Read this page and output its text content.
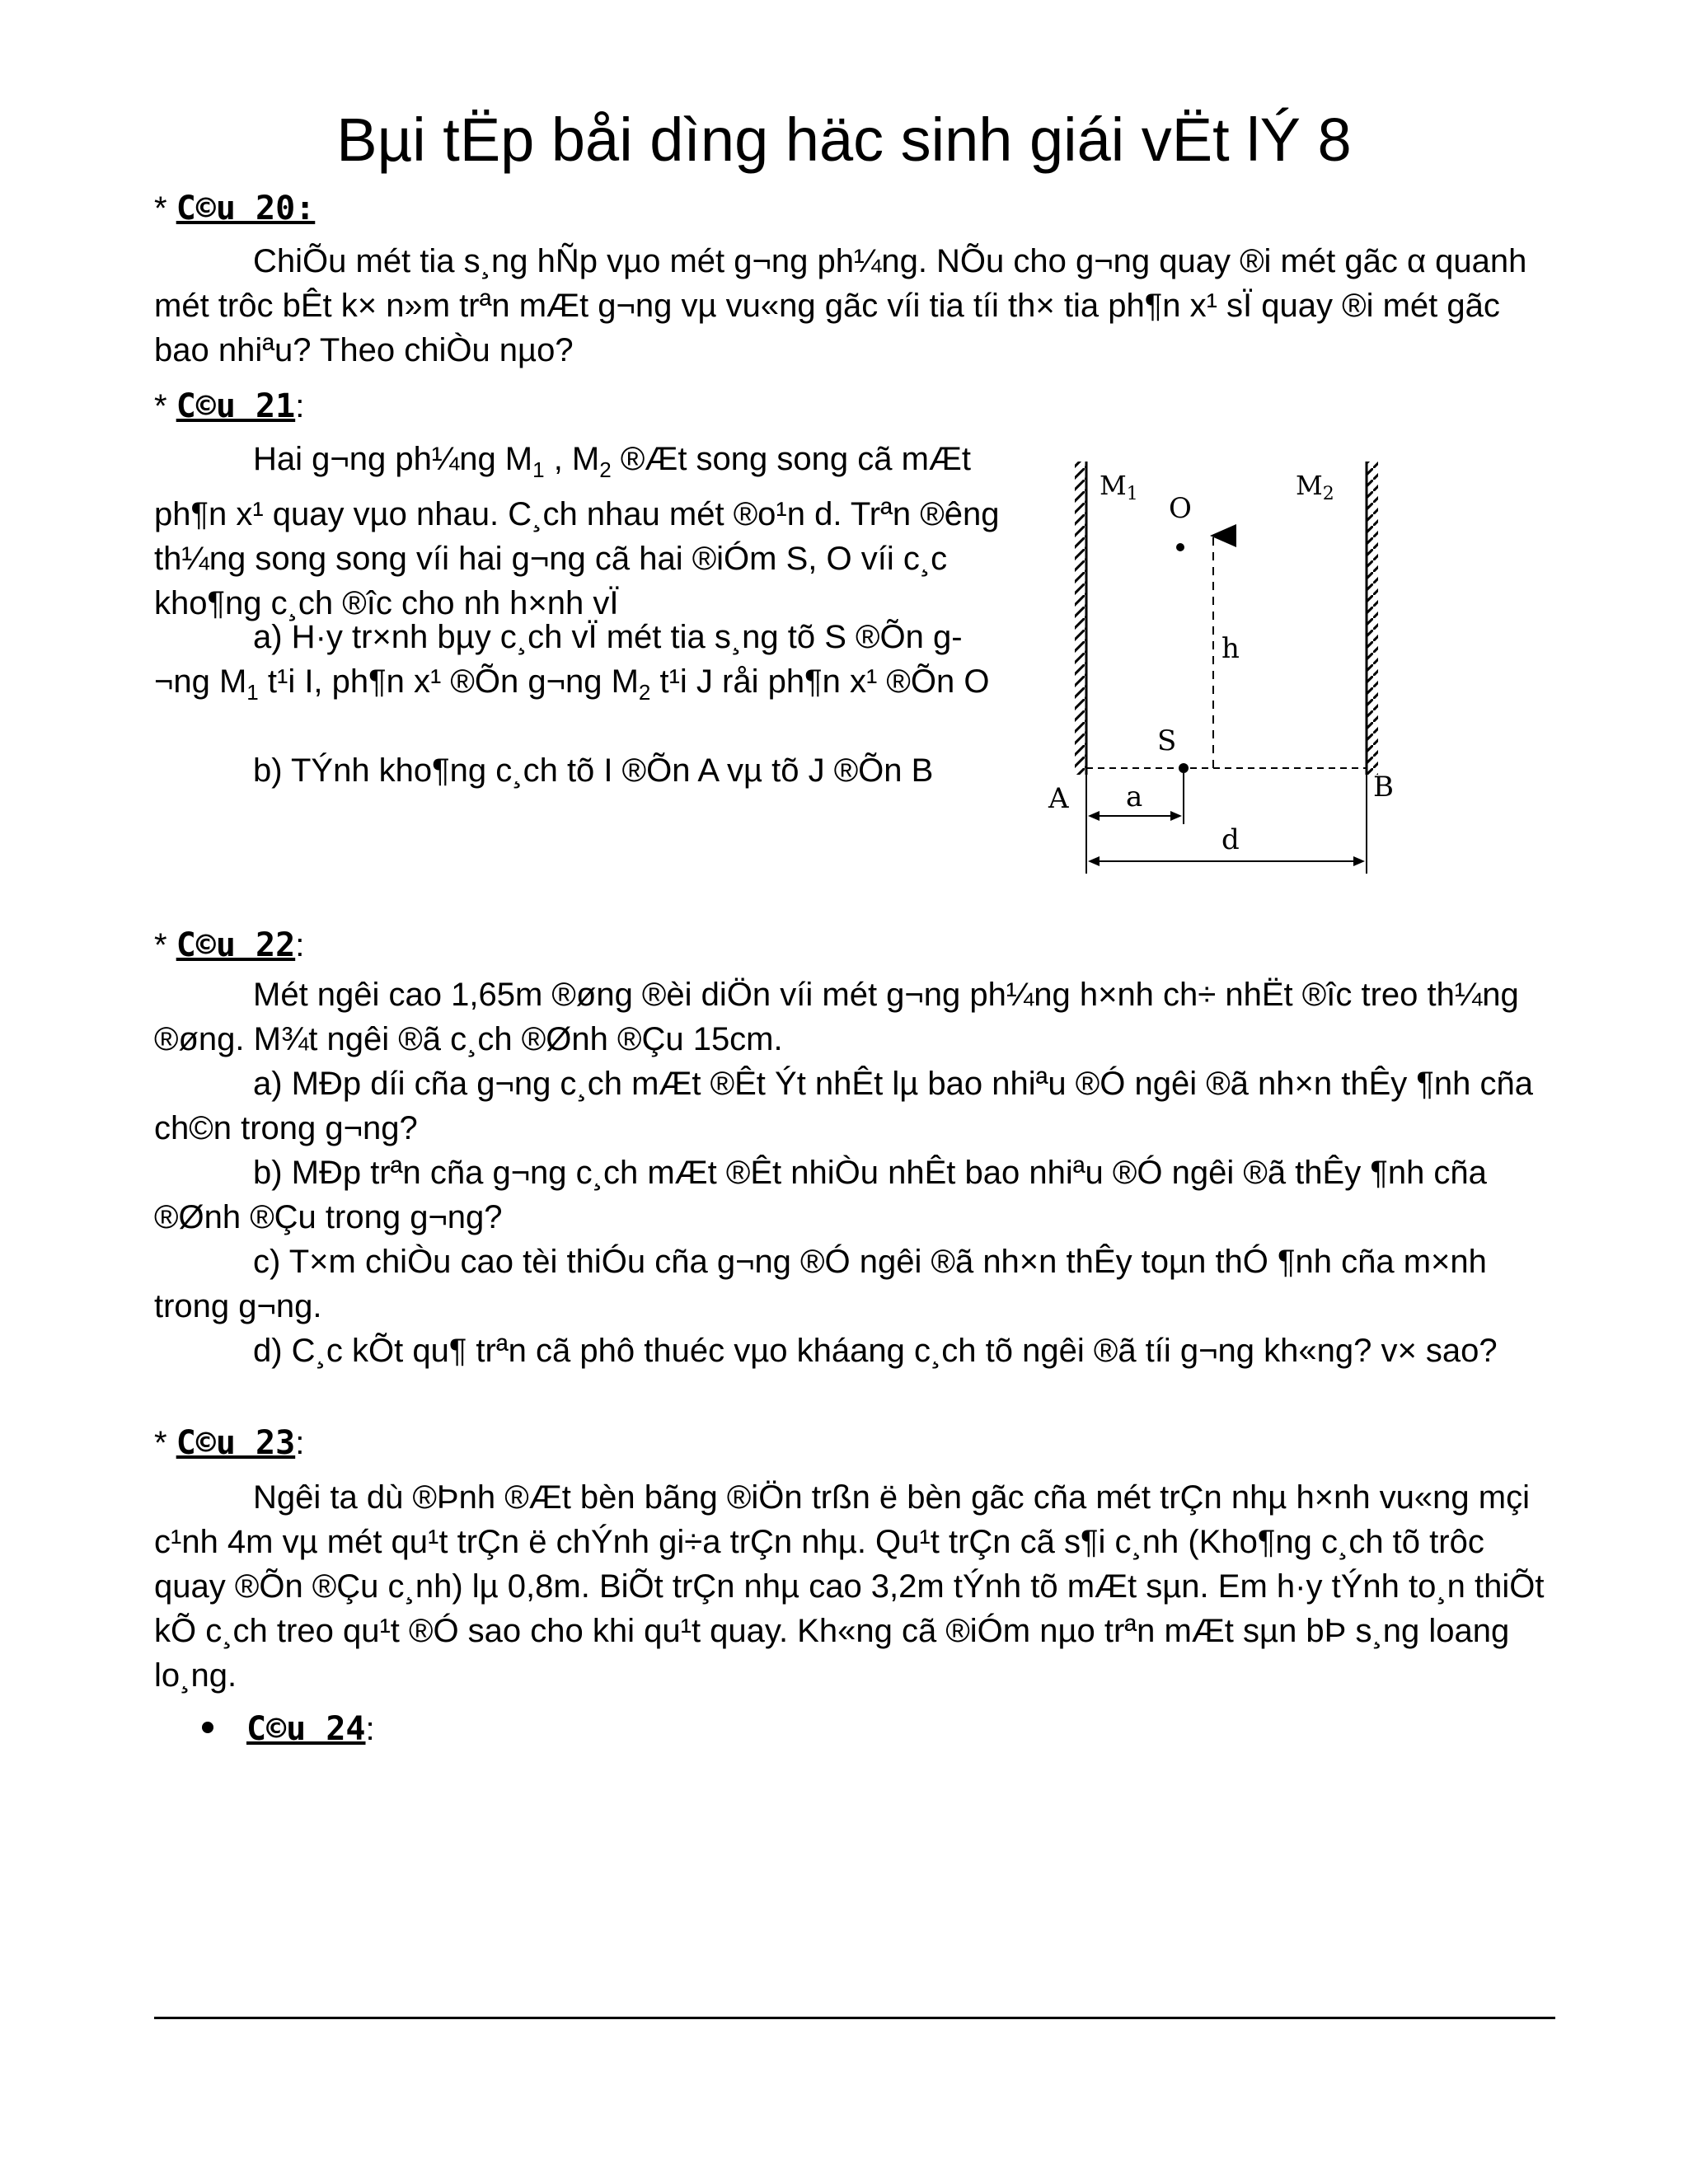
Bµi tËp båi dìng häc sinh giái vËt lÝ 8
* C©u 20:

ChiÕu mét tia s¸ng hÑp vµo mét g¬ng ph¼ng. NÕu cho g¬ng quay ®i mét gãc α quanh mét trôc bÊt k× n»m trªn mÆt g¬ng vµ vu«ng gãc víi tia tíi th× tia ph¶n x¹ sÏ quay ®i mét gãc bao nhiªu? Theo chiÒu nµo?

* C©u 21:

Hai g¬ng ph¼ng $M_1$ , $M_2$ ®Æt song song cã mÆt ph¶n x¹ quay vµo nhau. C¸ch nhau mét ®o¹n d. Trªn ®êng th¼ng song song víi hai g¬ng cã hai ®iÓm S, O víi c¸c kho¶ng c¸ch ®îc cho nh h×nh vÏ

a) H·y tr×nh bµy c¸ch vÏ mét tia s¸ng tõ S ®Õn g¬ng $M_1$ t¹i I, ph¶n x¹ ®Õn g¬ng $M_2$ t¹i J råi ph¶n x¹ ®Õn O

b) TÝnh kho¶ng c¸ch tõ I ®Õn A vµ tõ J ®Õn B

M1	M2
O
h
S
A	B
a
d
* C©u 22:

Mét ngêi cao 1,65m ®øng ®èi diÖn víi mét g¬ng ph¼ng h×nh ch÷ nhËt ®îc treo th¼ng ®øng. M¾t ngêi ®ã c¸ch ®Ønh ®Çu 15cm.

a) MÐp díi cña g¬ng c¸ch mÆt ®Êt Ýt nhÊt lµ bao nhiªu ®Ó ngêi ®ã nh×n thÊy ¶nh cña ch©n trong g¬ng?

b) MÐp trªn cña g¬ng c¸ch mÆt ®Êt nhiÒu nhÊt bao nhiªu ®Ó ngêi ®ã thÊy ¶nh cña ®Ønh ®Çu trong g¬ng?

c) T×m chiÒu cao tèi thiÓu cña g¬ng ®Ó ngêi ®ã nh×n thÊy toµn thÓ ¶nh cña m×nh trong g¬ng.

d) C¸c kÕt qu¶ trªn cã phô thuéc vµo kháang c¸ch tõ ngêi ®ã tíi g¬ng kh«ng? v× sao?

* C©u 23:

Ngêi ta dù ®Þnh ®Æt bèn bãng ®iÖn trßn ë bèn gãc cña mét trÇn nhµ h×nh vu«ng mçi c¹nh 4m vµ mét qu¹t trÇn ë chÝnh gi÷a trÇn nhµ. Qu¹t trÇn cã s¶i c¸nh (Kho¶ng c¸ch tõ trôc quay ®Õn ®Çu c¸nh) lµ 0,8m. BiÕt trÇn nhµ cao 3,2m tÝnh tõ mÆt sµn. Em h·y tÝnh to¸n thiÕt kÕ c¸ch treo qu¹t ®Ó sao cho khi qu¹t quay. Kh«ng cã ®iÓm nµo trªn mÆt sµn bÞ s¸ng loang lo¸ng.

C©u 24:
